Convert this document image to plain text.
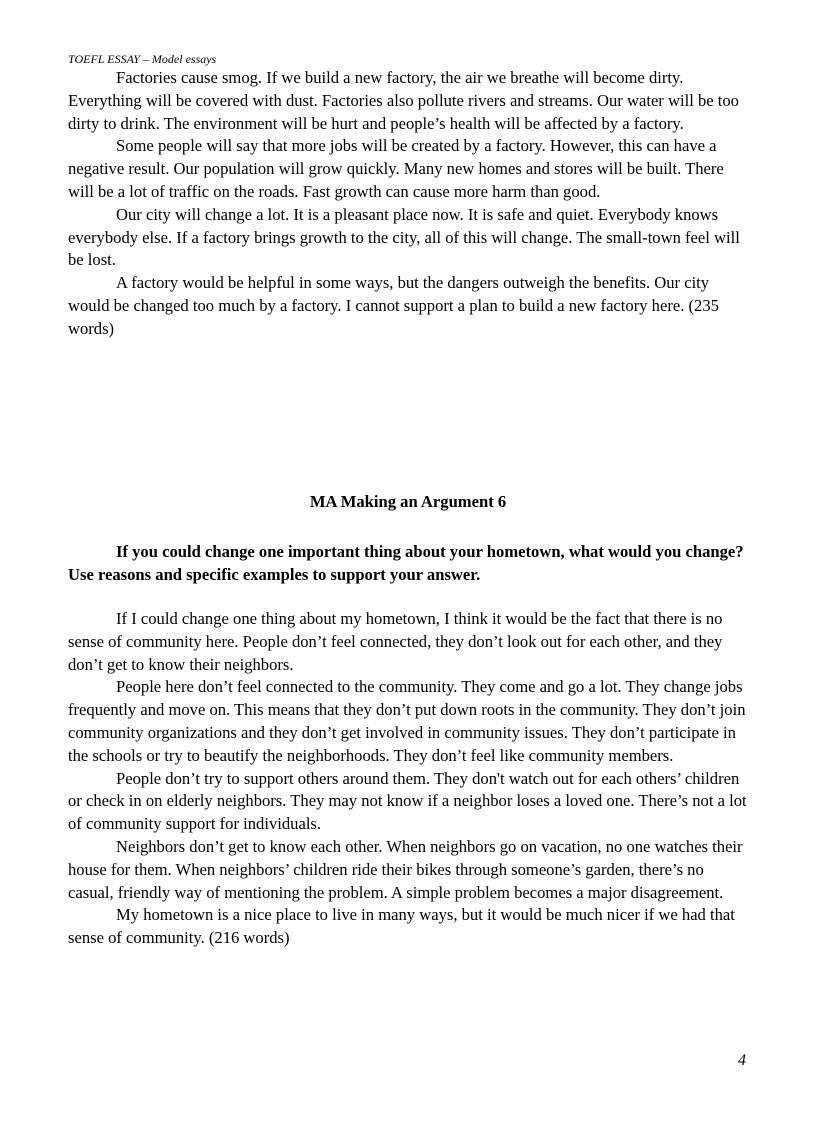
TOEFL ESSAY – Model essays

Factories cause smog. If we build a new factory, the air we breathe will become dirty. Everything will be covered with dust. Factories also pollute rivers and streams. Our water will be too dirty to drink. The environment will be hurt and people’s health will be affected by a factory.

Some people will say that more jobs will be created by a factory. However, this can have a negative result. Our population will grow quickly. Many new homes and stores will be built. There will be a lot of traffic on the roads. Fast growth can cause more harm than good.

Our city will change a lot. It is a pleasant place now. It is safe and quiet. Everybody knows everybody else. If a factory brings growth to the city, all of this will change. The small-town feel will be lost.

A factory would be helpful in some ways, but the dangers outweigh the benefits. Our city would be changed too much by a factory. I cannot support a plan to build a new factory here. (235 words)

MA Making an Argument 6

If you could change one important thing about your hometown, what would you change? Use reasons and specific examples to support your answer.

If I could change one thing about my hometown, I think it would be the fact that there is no sense of community here. People don’t feel connected, they don’t look out for each other, and they don’t get to know their neighbors.

People here don’t feel connected to the community. They come and go a lot. They change jobs frequently and move on. This means that they don’t put down roots in the community. They don’t join community organizations and they don’t get involved in community issues. They don’t participate in the schools or try to beautify the neighborhoods. They don’t feel like community members.

People don’t try to support others around them. They don't watch out for each others’ children or check in on elderly neighbors. They may not know if a neighbor loses a loved one. There’s not a lot of community support for individuals.

Neighbors don’t get to know each other. When neighbors go on vacation, no one watches their house for them. When neighbors’ children ride their bikes through someone’s garden, there’s no casual, friendly way of mentioning the problem. A simple problem becomes a major disagreement.

My hometown is a nice place to live in many ways, but it would be much nicer if we had that sense of community. (216 words)

4
